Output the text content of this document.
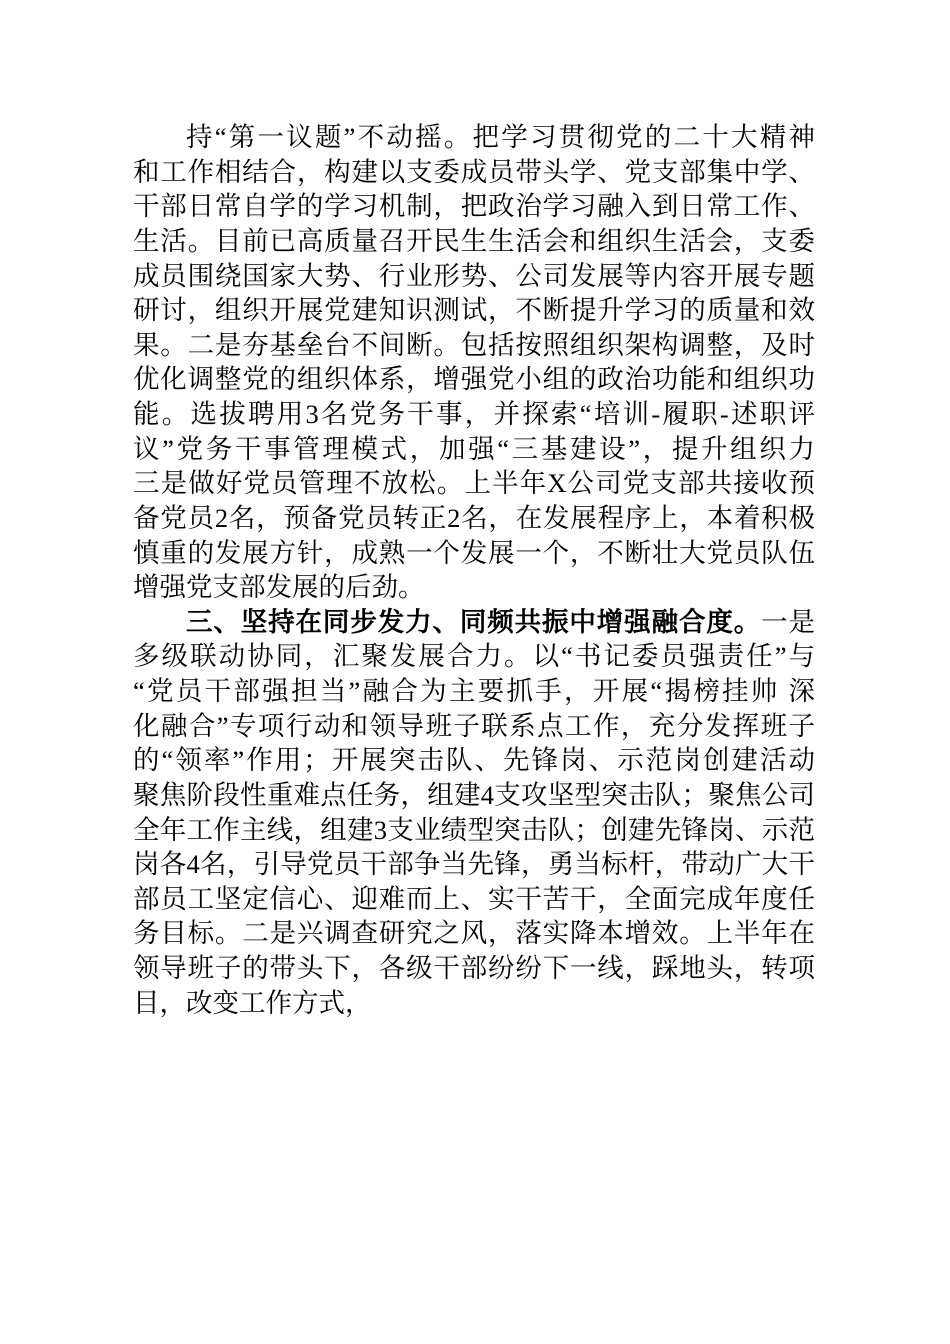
持“第一议题”不动摇。把学习贯彻党的二十大精神
和工作相结合，构建以支委成员带头学、党支部集中学、
干部日常自学的学习机制，把政治学习融入到日常工作、
生活。目前已高质量召开民生生活会和组织生活会，支委
成员围绕国家大势、行业形势、公司发展等内容开展专题
研讨，组织开展党建知识测试，不断提升学习的质量和效
果。二是夯基垒台不间断。包括按照组织架构调整，及时
优化调整党的组织体系，增强党小组的政治功能和组织功
能。选拔聘用3名党务干事，并探索“培训-履职-述职评
议”党务干事管理模式，加强“三基建设”，提升组织力
三是做好党员管理不放松。上半年X公司党支部共接收预
备党员2名，预备党员转正2名，在发展程序上，本着积极
慎重的发展方针，成熟一个发展一个，不断壮大党员队伍
增强党支部发展的后劲。
三、坚持在同步发力、同频共振中增强融合度。一是
多级联动协同，汇聚发展合力。以“书记委员强责任”与
“党员干部强担当”融合为主要抓手，开展“揭榜挂帅 深
化融合”专项行动和领导班子联系点工作，充分发挥班子
的“领率”作用；开展突击队、先锋岗、示范岗创建活动
聚焦阶段性重难点任务，组建4支攻坚型突击队；聚焦公司
全年工作主线，组建3支业绩型突击队；创建先锋岗、示范
岗各4名，引导党员干部争当先锋，勇当标杆，带动广大干
部员工坚定信心、迎难而上、实干苦干，全面完成年度任
务目标。二是兴调查研究之风，落实降本增效。上半年在
领导班子的带头下，各级干部纷纷下一线，踩地头，转项
目，改变工作方式，
